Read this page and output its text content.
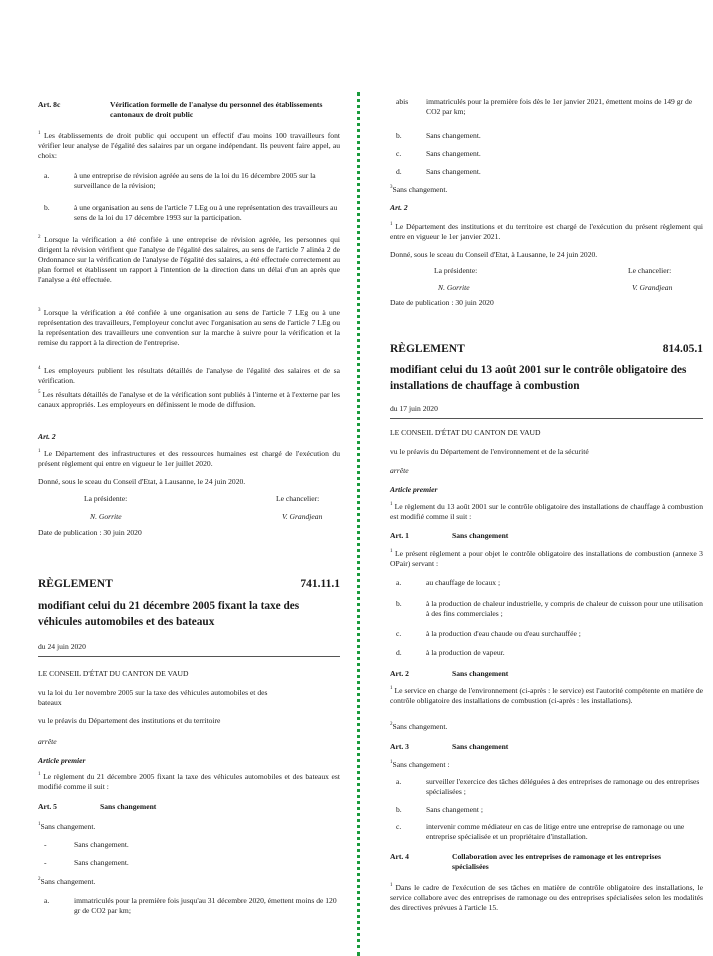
Art. 8c	Vérification formelle de l'analyse du personnel des établissements cantonaux de droit public

$^1$ Les établissements de droit public qui occupent un effectif d'au moins 100 travailleurs font vérifier leur analyse de l'égalité des salaires par un organe indépendant. Ils peuvent faire appel, au choix:

a.	à une entreprise de révision agréée au sens de la loi du 16 décembre 2005 sur la surveillance de la révision;
b.	à une organisation au sens de l'article 7 LEg ou à une représentation des travailleurs au sens de la loi du 17 décembre 1993 sur la participation.

$^2$ Lorsque la vérification a été confiée à une entreprise de révision agréée, les personnes qui dirigent la révision vérifient que l'analyse de l'égalité des salaires, au sens de l'article 7 alinéa 2 de Ordonnance sur la vérification de l'analyse de l'égalité des salaires, a été effectuée correctement au plan formel et établissent un rapport à l'intention de la direction dans un délai d'un an après que l'analyse a été effectuée.

$^3$ Lorsque la vérification a été confiée à une organisation au sens de l'article 7 LEg ou à une représentation des travailleurs, l'employeur conclut avec l'organisation au sens de l'article 7 LEg ou la représentation des travailleurs une convention sur la marche à suivre pour la vérification et la remise du rapport à la direction de l'entreprise.

$^4$ Les employeurs publient les résultats détaillés de l'analyse de l'égalité des salaires et de sa vérification.

$^5$ Les résultats détaillés de l'analyse et de la vérification sont publiés à l'interne et à l'externe par les canaux appropriés. Les employeurs en définissent le mode de diffusion.

Art. 2

$^1$ Le Département des infrastructures et des ressources humaines est chargé de l'exécution du présent règlement qui entre en vigueur le 1er juillet 2020.

Donné, sous le sceau du Conseil d'Etat, à Lausanne, le 24 juin 2020.

La présidente:	Le chancelier:
N. Gorrite	V. Grandjean

Date de publication : 30 juin 2020

RÈGLEMENT	741.11.1

modifiant celui du 21 décembre 2005 fixant la taxe des véhicules automobiles et des bateaux

du 24 juin 2020

LE CONSEIL D'ÉTAT DU CANTON DE VAUD

vu la loi du 1er novembre 2005 sur la taxe des véhicules automobiles et des bateaux

vu le préavis du Département des institutions et du territoire

arrête

Article premier

$^1$ Le règlement du 21 décembre 2005 fixant la taxe des véhicules automobiles et des bateaux est modifié comme il suit :

Art. 5	Sans changement

$^1$Sans changement.

-	Sans changement.
-	Sans changement.

$^2$Sans changement.

a.	immatriculés pour la première fois jusqu'au 31 décembre 2020, émettent moins de 120 gr de CO2 par km;
abis	immatriculés pour la première fois dès le 1er janvier 2021, émettent moins de 149 gr de CO2 par km;
b.	Sans changement.
c.	Sans changement.
d.	Sans changement.

$^3$Sans changement.

Art. 2

$^1$ Le Département des institutions et du territoire est chargé de l'exécution du présent règlement qui entre en vigueur le 1er janvier 2021.

Donné, sous le sceau du Conseil d'Etat, à Lausanne, le 24 juin 2020.

La présidente:	Le chancelier:
N. Gorrite	V. Grandjean

Date de publication : 30 juin 2020

RÈGLEMENT	814.05.1

modifiant celui du 13 août 2001 sur le contrôle obligatoire des installations de chauffage à combustion

du 17 juin 2020

LE CONSEIL D'ÉTAT DU CANTON DE VAUD

vu le préavis du Département de l'environnement et de la sécurité

arrête

Article premier

$^1$ Le règlement du 13 août 2001 sur le contrôle obligatoire des installations de chauffage à combustion est modifié comme il suit :

Art. 1	Sans changement

$^1$ Le présent règlement a pour objet le contrôle obligatoire des installations de combustion (annexe 3 OPair) servant :

a.	au chauffage de locaux ;
b.	à la production de chaleur industrielle, y compris de chaleur de cuisson pour une utilisation à des fins commerciales ;
c.	à la production d'eau chaude ou d'eau surchauffée ;
d.	à la production de vapeur.
Art. 2	Sans changement

$^1$ Le service en charge de l'environnement (ci-après : le service) est l'autorité compétente en matière de contrôle obligatoire des installations de combustion (ci-après : les installations).

$^2$Sans changement.

Art. 3	Sans changement

$^1$Sans changement :

a.	surveiller l'exercice des tâches déléguées à des entreprises de ramonage ou des entreprises spécialisées ;
b.	Sans changement ;
c.	intervenir comme médiateur en cas de litige entre une entreprise de ramonage ou une entreprise spécialisée et un propriétaire d'installation.
Art. 4	Collaboration avec les entreprises de ramonage et les entreprises spécialisées

$^1$ Dans le cadre de l'exécution de ses tâches en matière de contrôle obligatoire des installations, le service collabore avec des entreprises de ramonage ou des entreprises spécialisées selon les modalités des directives prévues à l'article 15.
